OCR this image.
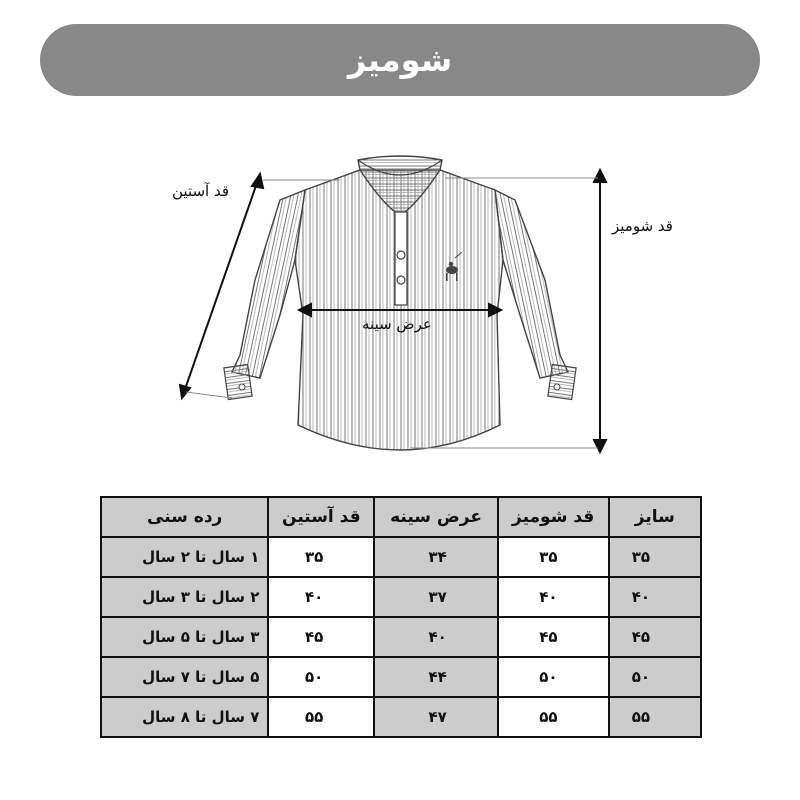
شومیز
قد آستین
قد شومیز
عرض سینه
سایز	قد شومیز	عرض سینه	قد آستین	رده سنی
۳۵	۳۵	۳۴	۳۵	۱ سال تا ۲ سال
۴۰	۴۰	۳۷	۴۰	۲ سال تا ۳ سال
۴۵	۴۵	۴۰	۴۵	۳ سال تا ۵ سال
۵۰	۵۰	۴۴	۵۰	۵ سال تا ۷ سال
۵۵	۵۵	۴۷	۵۵	۷ سال تا ۸ سال
